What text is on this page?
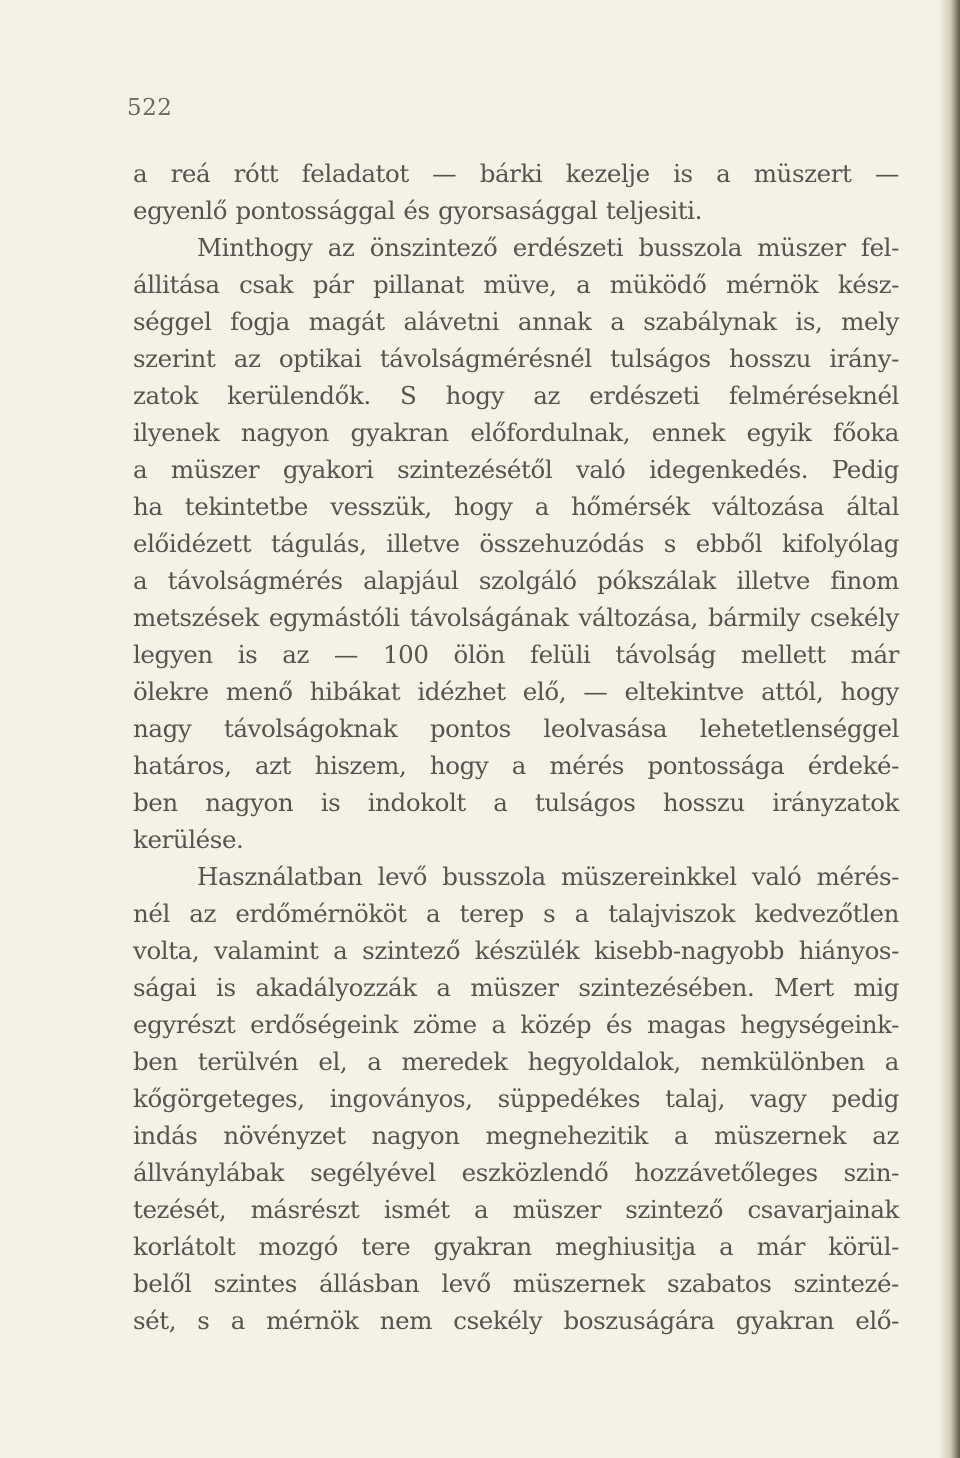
522
a reá rótt feladatot — bárki kezelje is a müszert —
egyenlő pontossággal és gyorsasággal teljesiti.
Minthogy az önszintező erdészeti busszola müszer fel-
állitása csak pár pillanat müve, a müködő mérnök kész-
séggel fogja magát alávetni annak a szabálynak is, mely
szerint az optikai távolságmérésnél tulságos hosszu irány-
zatok kerülendők. S hogy az erdészeti felméréseknél
ilyenek nagyon gyakran előfordulnak, ennek egyik főoka
a müszer gyakori szintezésétől való idegenkedés. Pedig
ha tekintetbe vesszük, hogy a hőmérsék változása által
előidézett tágulás, illetve összehuzódás s ebből kifolyólag
a távolságmérés alapjául szolgáló pókszálak illetve finom
metszések egymástóli távolságának változása, bármily csekély
legyen is az — 100 ölön felüli távolság mellett már
ölekre menő hibákat idézhet elő, — eltekintve attól, hogy
nagy távolságoknak pontos leolvasása lehetetlenséggel
határos, azt hiszem, hogy a mérés pontossága érdeké-
ben nagyon is indokolt a tulságos hosszu irányzatok
kerülése.
Használatban levő busszola müszereinkkel való mérés-
nél az erdőmérnököt a terep s a talajviszok kedvezőtlen
volta, valamint a szintező készülék kisebb-nagyobb hiányos-
ságai is akadályozzák a müszer szintezésében. Mert mig
egyrészt erdőségeink zöme a közép és magas hegységeink-
ben terülvén el, a meredek hegyoldalok, nemkülönben a
kőgörgeteges, ingoványos, süppedékes talaj, vagy pedig
indás növényzet nagyon megnehezitik a müszernek az
állványlábak segélyével eszközlendő hozzávetőleges szin-
tezését, másrészt ismét a müszer szintező csavarjainak
korlátolt mozgó tere gyakran meghiusitja a már körül-
belől szintes állásban levő müszernek szabatos szintezé-
sét, s a mérnök nem csekély boszuságára gyakran elő-
